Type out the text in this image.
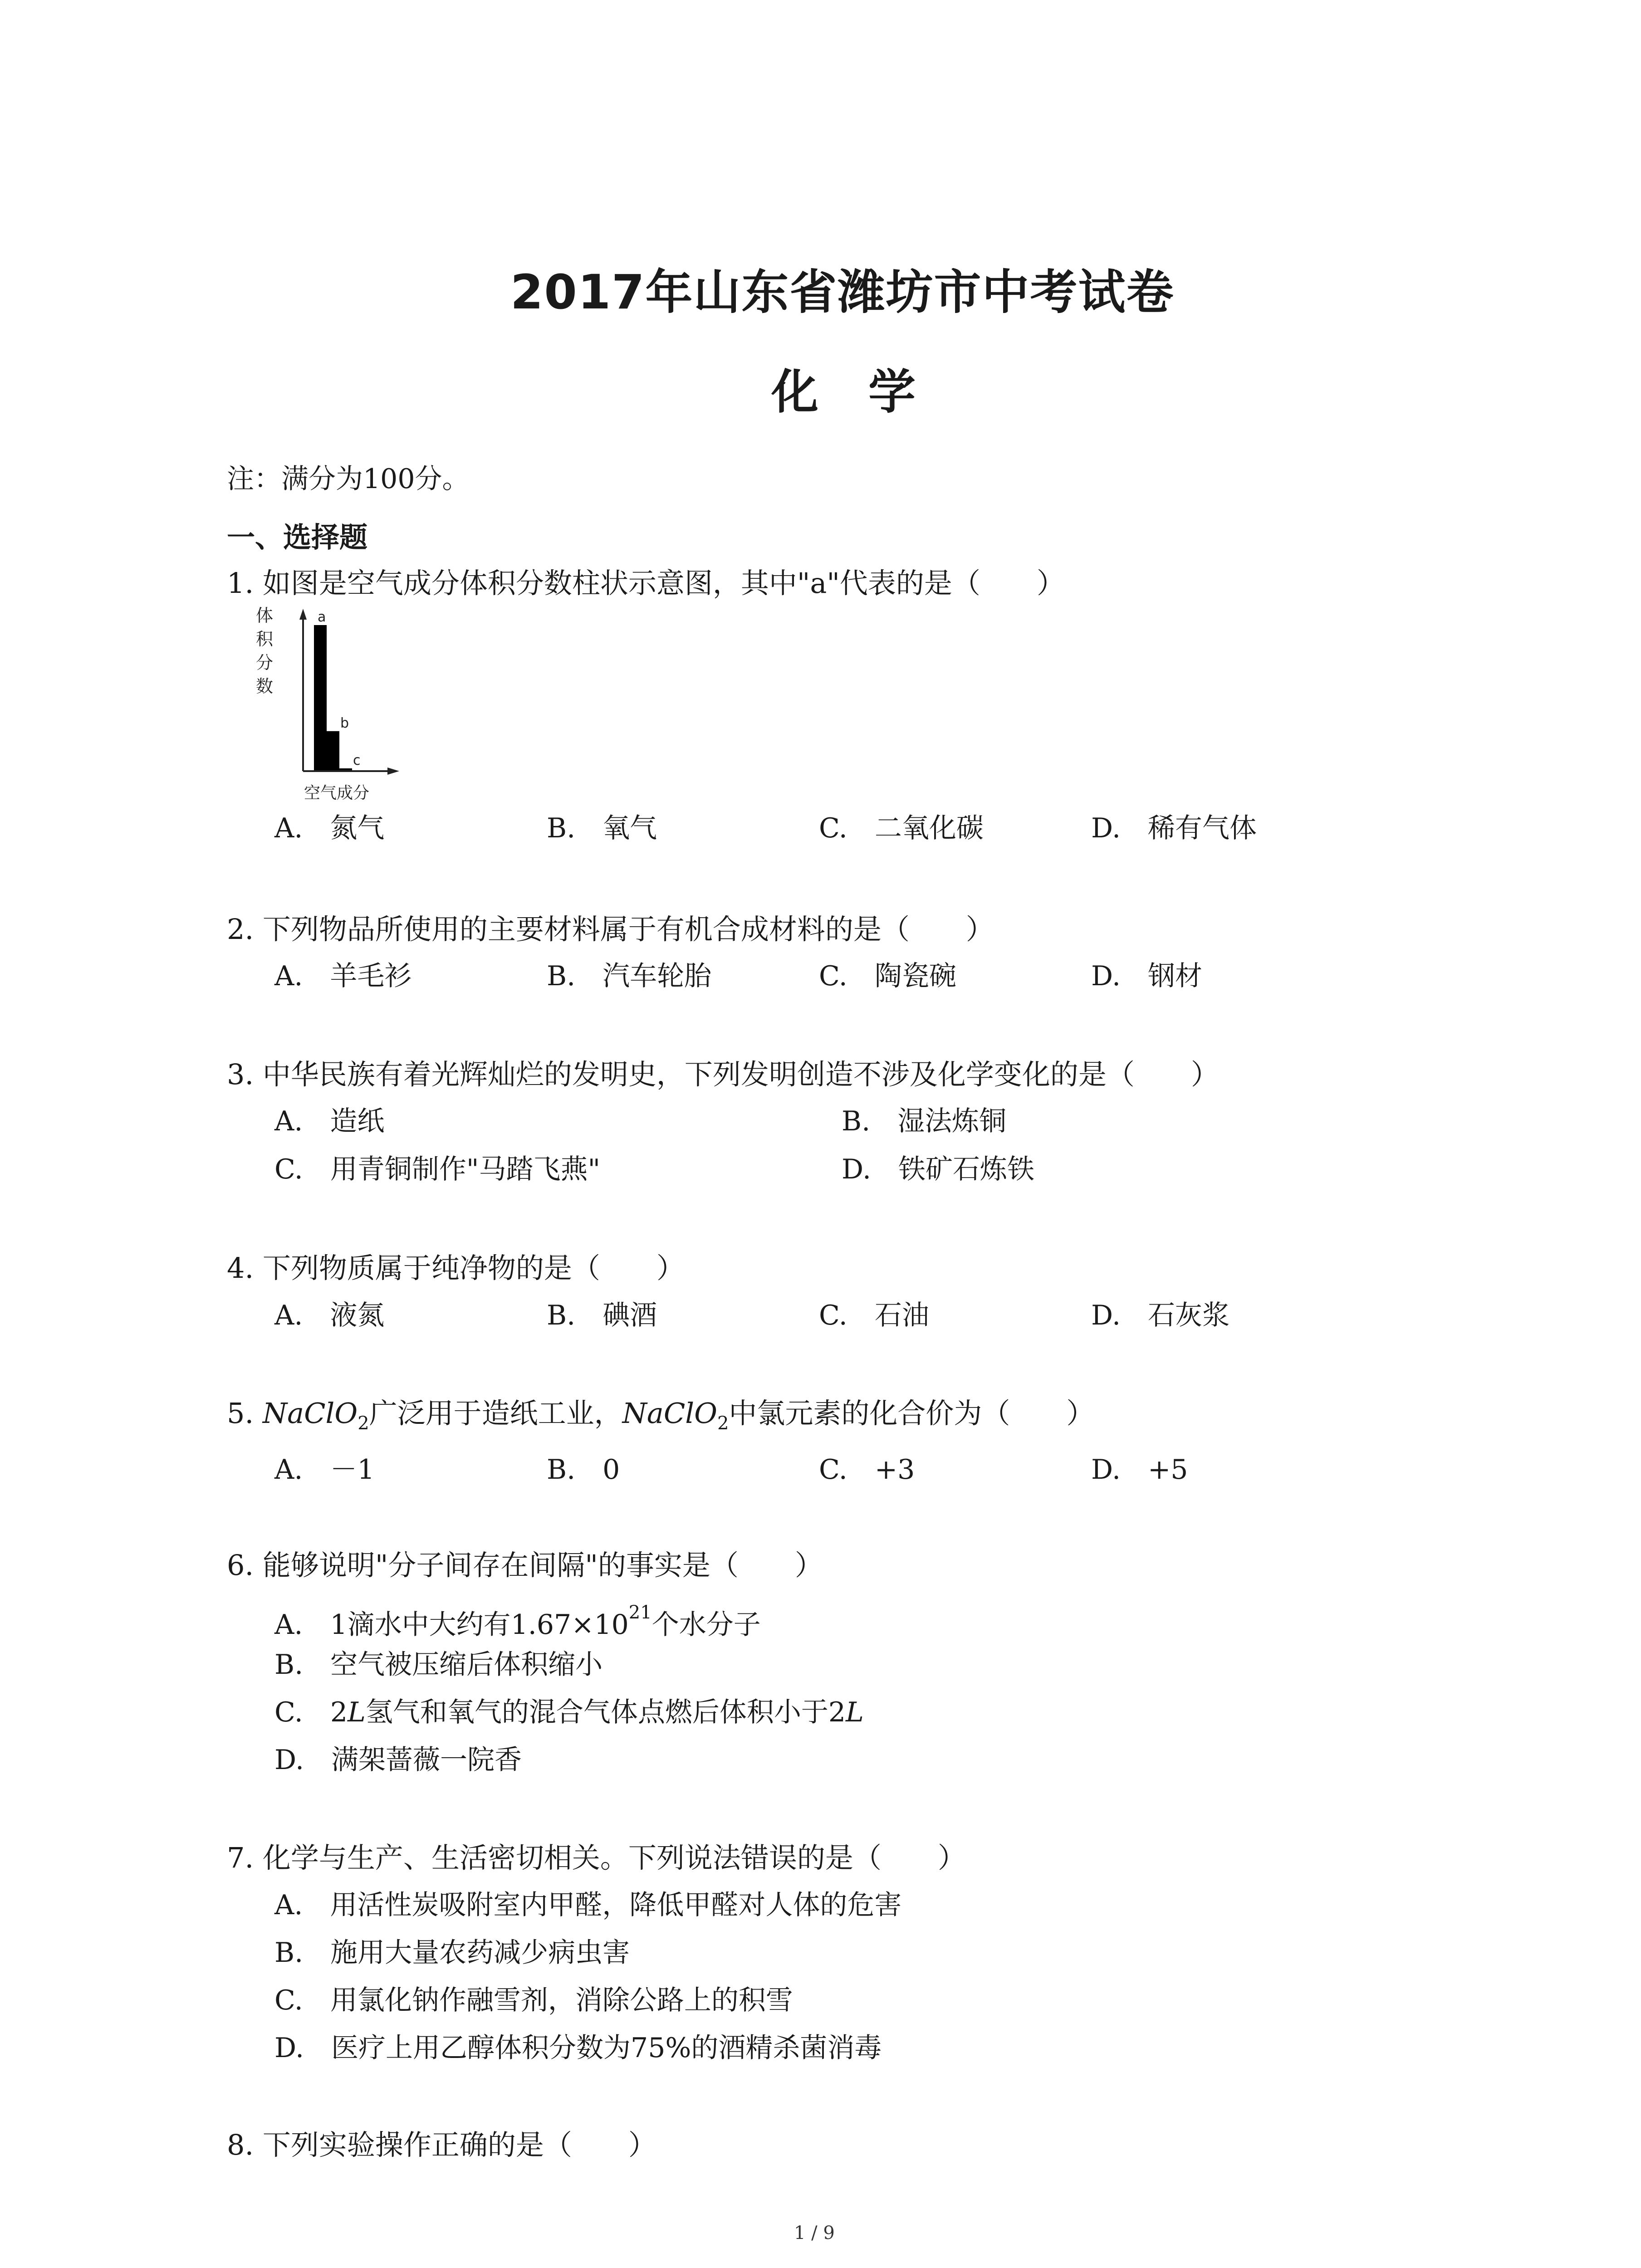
2017年山东省潍坊市中考试卷
化学
注：满分为100分。
一、选择题
1. 如图是空气成分体积分数柱状示意图，其中"a"代表的是（　　）
体
积
分
数
a
b
c
空气成分
A.　氮气	B.　氧气	C.　二氧化碳	D.　稀有气体
2. 下列物品所使用的主要材料属于有机合成材料的是（　　）
A.　羊毛衫	B.　汽车轮胎	C.　陶瓷碗	D.　钢材
3. 中华民族有着光辉灿烂的发明史，下列发明创造不涉及化学变化的是（　　）
A.　造纸	B.　湿法炼铜
C.　用青铜制作"马踏飞燕"	D.　铁矿石炼铁
4. 下列物质属于纯净物的是（　　）
A.　液氮	B.　碘酒	C.　石油	D.　石灰浆
5. NaClO$_2$广泛用于造纸工业，NaClO$_2$中氯元素的化合价为（　　）
A.　－1	B.　0	C.　+3	D.　+5
6. 能够说明"分子间存在间隔"的事实是（　　）
A.　1滴水中大约有$1.67\times 10^{21}$个水分子
B.　空气被压缩后体积缩小
C.　2L氢气和氧气的混合气体点燃后体积小于2L
D.　满架蔷薇一院香
7. 化学与生产、生活密切相关。下列说法错误的是（　　）
A.　用活性炭吸附室内甲醛，降低甲醛对人体的危害
B.　施用大量农药减少病虫害
C.　用氯化钠作融雪剂，消除公路上的积雪
D.　医疗上用乙醇体积分数为75%的酒精杀菌消毒
8. 下列实验操作正确的是（　　）
1 / 9
